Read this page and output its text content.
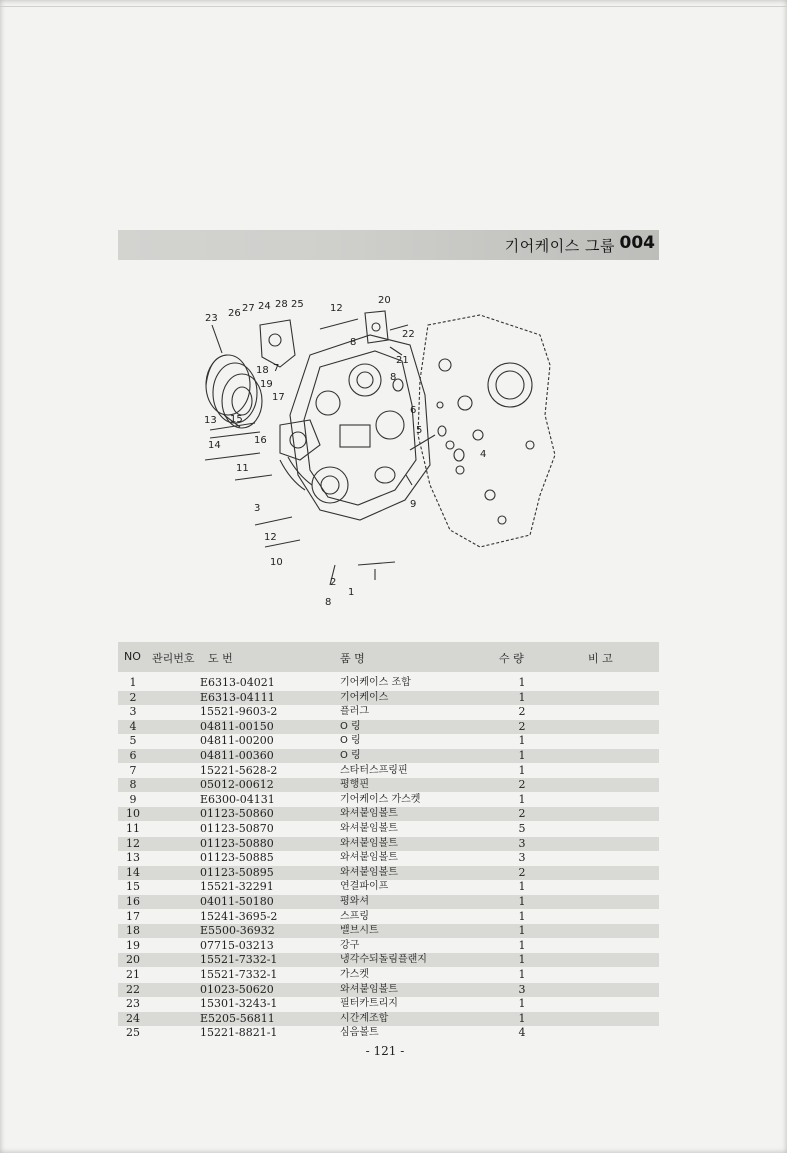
기어케이스 그룹 004
23 26 27 24 28 25	12
20
22
8
21
18 7
19
17
8
6
13 15
14	16
5
4
11
9
3
12
10
2
1
8
NO 관리번호 도 번	품 명	수 량	비 고
1	E6313-04021	기어케이스 조합	1
2	E6313-04111	기어케이스	1
3	15521-9603-2	플러그	2
4	04811-00150	O 링	2
5	04811-00200	O 링	1
6	04811-00360	O 링	1
7	15221-5628-2	스타터스프링핀	1
8	05012-00612	평행핀	2
9	E6300-04131	기어케이스 가스켓	1
10	01123-50860	와셔붙임볼트	2
11	01123-50870	와셔붙임볼트	5
12	01123-50880	와셔붙임볼트	3
13	01123-50885	와셔붙임볼트	3
14	01123-50895	와셔붙임볼트	2
15	15521-32291	연결파이프	1
16	04011-50180	평와셔	1
17	15241-3695-2	스프링	1
18	E5500-36932	밸브시트	1
19	07715-03213	강구	1
20	15521-7332-1	냉각수되돌림플랜지	1
21	15521-7332-1	가스켓	1
22	01023-50620	와셔붙임볼트	3
23	15301-3243-1	필터카트리지	1
24	E5205-56811	시간계조합	1
25	15221-8821-1	심음볼트	4
- 121 -
